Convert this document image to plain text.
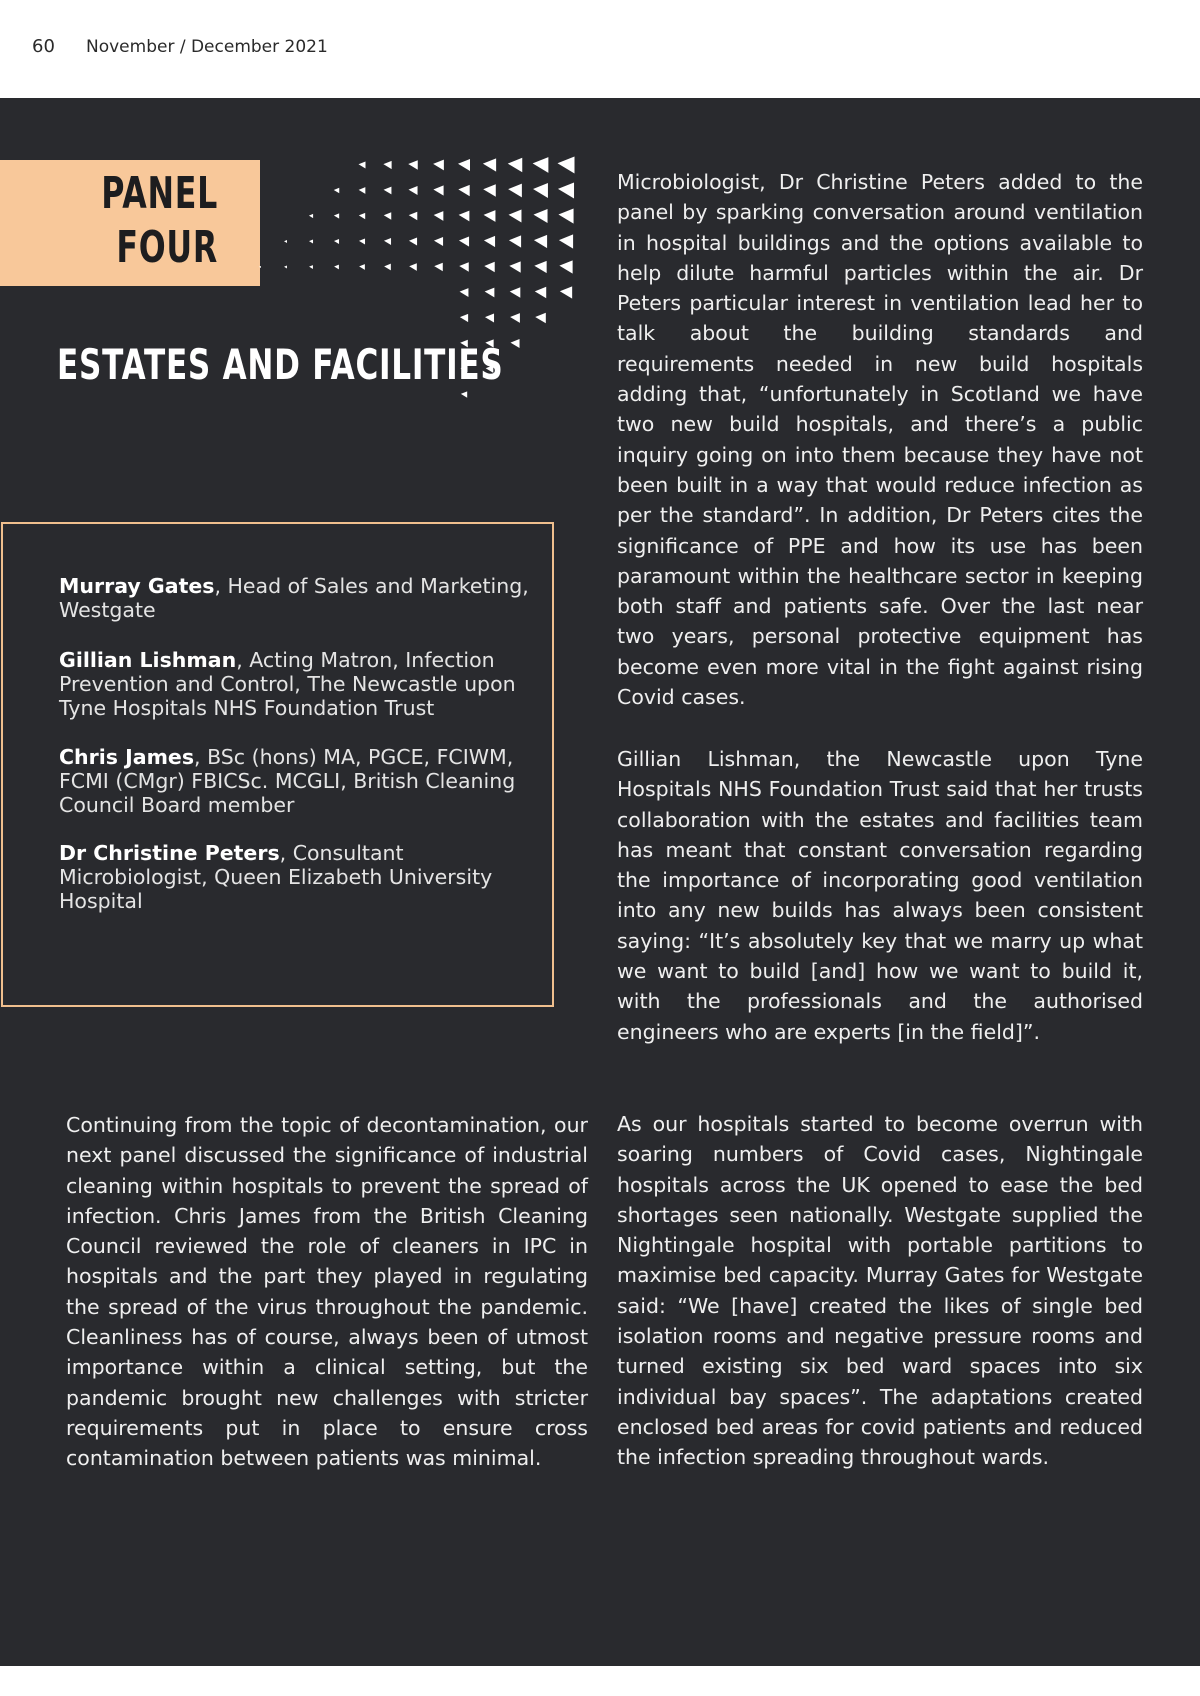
60 November / December 2021
PANEL
FOUR
ESTATES AND FACILITIES
Murray Gates, Head of Sales and Marketing, Westgate
Gillian Lishman, Acting Matron, Infection Prevention and Control, The Newcastle upon Tyne Hospitals NHS Foundation Trust
Chris James, BSc (hons) MA, PGCE, FCIWM, FCMI (CMgr) FBICSc. MCGLI, British Cleaning Council Board member
Dr Christine Peters, Consultant Microbiologist, Queen Elizabeth University Hospital

Microbiologist, Dr Christine Peters added to the panel by sparking conversation around ventilation in hospital buildings and the options available to help dilute harmful particles within the air. Dr Peters particular interest in ventilation lead her to talk about the building standards and requirements needed in new build hospitals adding that, “unfortunately in Scotland we have two new build hospitals, and there’s a public inquiry going on into them because they have not been built in a way that would reduce infection as per the standard”. In addition, Dr Peters cites the significance of PPE and how its use has been paramount within the healthcare sector in keeping both staff and patients safe. Over the last near two years, personal protective equipment has become even more vital in the fight against rising Covid cases.

Gillian Lishman, the Newcastle upon Tyne Hospitals NHS Foundation Trust said that her trusts collaboration with the estates and facilities team has meant that constant conversation regarding the importance of incorporating good ventilation into any new builds has always been consistent saying: “It’s absolutely key that we marry up what we want to build [and] how we want to build it, with the professionals and the authorised engineers who are experts [in the field]”.

Continuing from the topic of decontamination, our next panel discussed the significance of industrial cleaning within hospitals to prevent the spread of infection. Chris James from the British Cleaning Council reviewed the role of cleaners in IPC in hospitals and the part they played in regulating the spread of the virus throughout the pandemic. Cleanliness has of course, always been of utmost importance within a clinical setting, but the pandemic brought new challenges with stricter requirements put in place to ensure cross contamination between patients was minimal.

As our hospitals started to become overrun with soaring numbers of Covid cases, Nightingale hospitals across the UK opened to ease the bed shortages seen nationally. Westgate supplied the Nightingale hospital with portable partitions to maximise bed capacity. Murray Gates for Westgate said: “We [have] created the likes of single bed isolation rooms and negative pressure rooms and turned existing six bed ward spaces into six individual bay spaces”. The adaptations created enclosed bed areas for covid patients and reduced the infection spreading throughout wards.
